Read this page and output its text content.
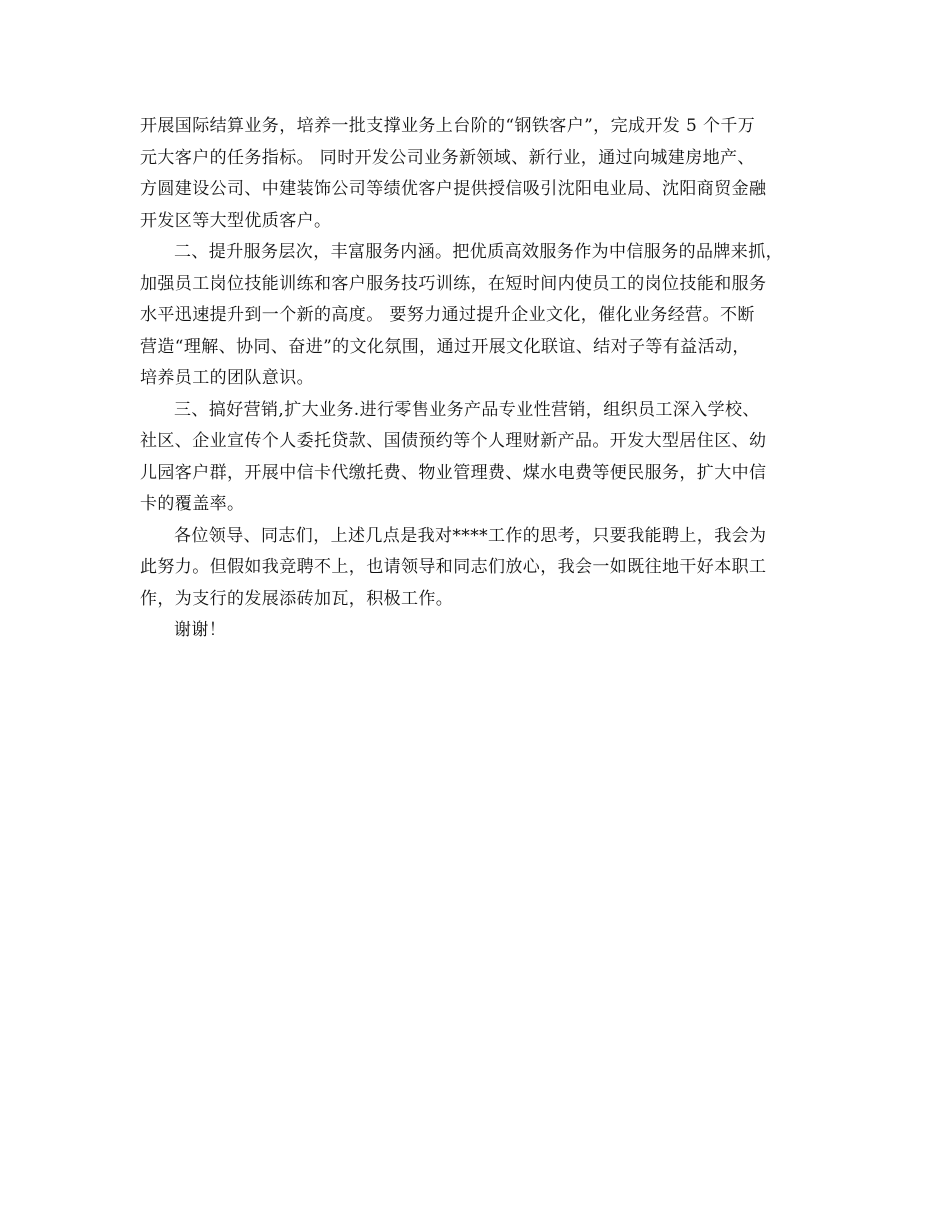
开展国际结算业务，培养一批支撑业务上台阶的“钢铁客户”，完成开发 5 个千万
元大客户的任务指标。 同时开发公司业务新领域、新行业，通过向城建房地产、
方圆建设公司、中建装饰公司等绩优客户提供授信吸引沈阳电业局、沈阳商贸金融
开发区等大型优质客户。
二、提升服务层次，丰富服务内涵。把优质高效服务作为中信服务的品牌来抓，
加强员工岗位技能训练和客户服务技巧训练，在短时间内使员工的岗位技能和服务
水平迅速提升到一个新的高度。 要努力通过提升企业文化，催化业务经营。不断
营造“理解、协同、奋进”的文化氛围，通过开展文化联谊、结对子等有益活动，
培养员工的团队意识。
三、搞好营销,扩大业务.进行零售业务产品专业性营销，组织员工深入学校、
社区、企业宣传个人委托贷款、国债预约等个人理财新产品。开发大型居住区、幼
儿园客户群，开展中信卡代缴托费、物业管理费、煤水电费等便民服务，扩大中信
卡的覆盖率。
各位领导、同志们，上述几点是我对****工作的思考，只要我能聘上，我会为
此努力。但假如我竞聘不上，也请领导和同志们放心，我会一如既往地干好本职工
作，为支行的发展添砖加瓦，积极工作。
谢谢！
